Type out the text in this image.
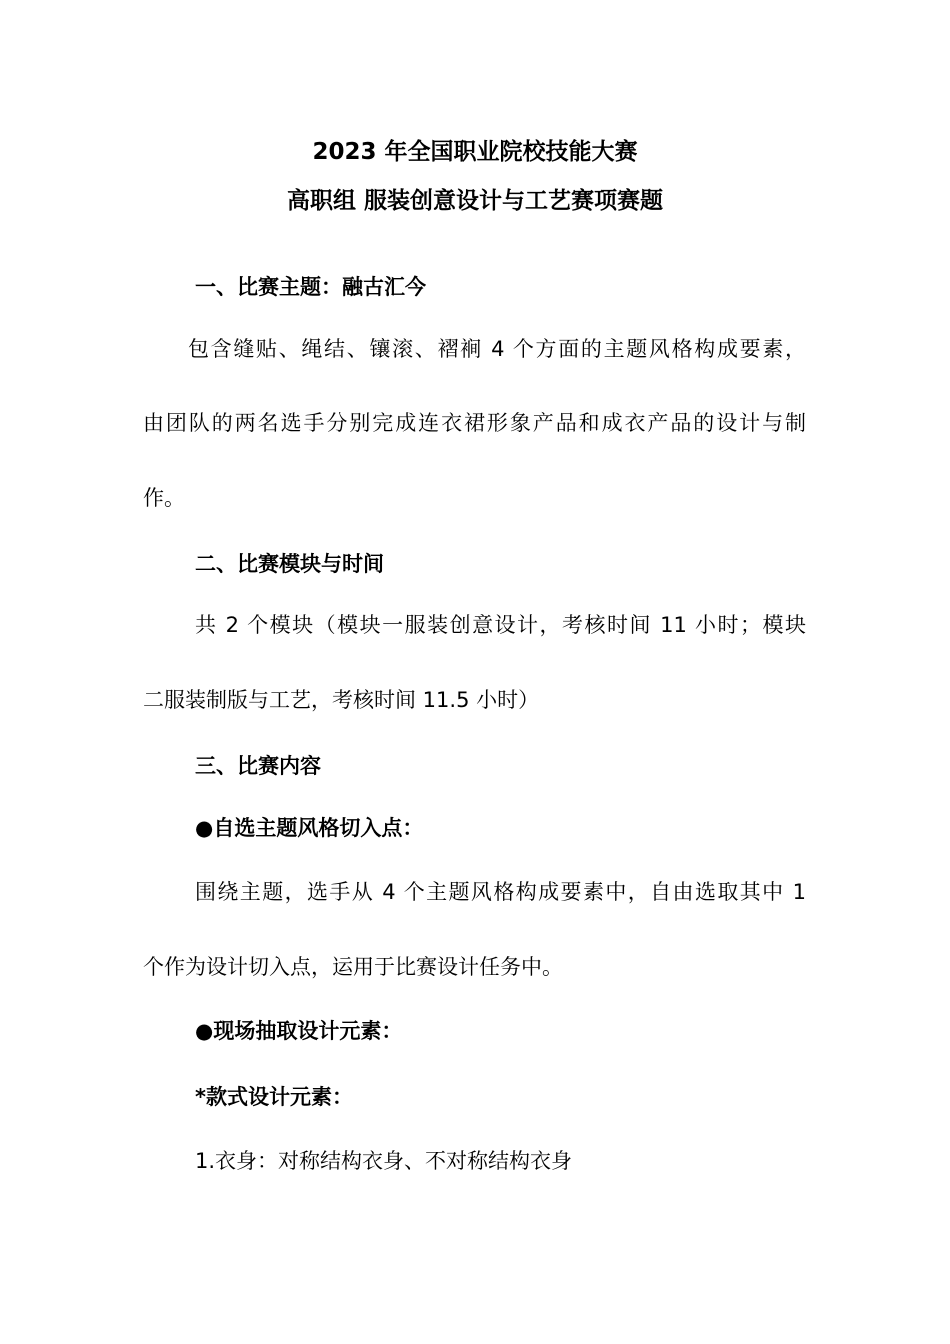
2023 年全国职业院校技能大赛
高职组 服装创意设计与工艺赛项赛题
一、比赛主题：融古汇今
包含缝贴、绳结、镶滚、褶裥 4 个方面的主题风格构成要素，
由团队的两名选手分别完成连衣裙形象产品和成衣产品的设计与制
作。
二、比赛模块与时间
共 2 个模块（模块一服装创意设计，考核时间 11 小时；模块
二服装制版与工艺，考核时间 11.5 小时）
三、比赛内容
●自选主题风格切入点：
围绕主题，选手从 4 个主题风格构成要素中，自由选取其中 1
个作为设计切入点，运用于比赛设计任务中。
●现场抽取设计元素：
*款式设计元素：
1.衣身：对称结构衣身、不对称结构衣身
